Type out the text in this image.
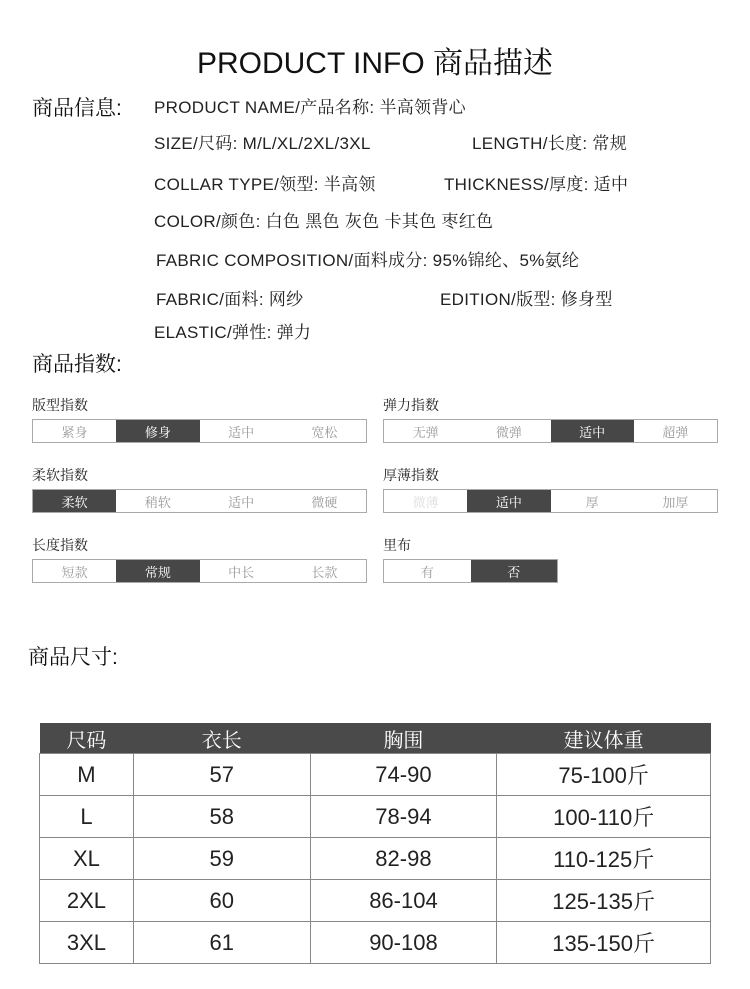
PRODUCT INFO 商品描述
商品信息: PRODUCT NAME/产品名称: 半高领背心
SIZE/尺码: M/L/XL/2XL/3XL	LENGTH/长度: 常规
COLLAR TYPE/领型: 半高领	THICKNESS/厚度: 适中
COLOR/颜色: 白色 黑色 灰色 卡其色 枣红色
FABRIC COMPOSITION/面料成分: 95%锦纶、5%氨纶
FABRIC/面料: 网纱	EDITION/版型: 修身型
ELASTIC/弹性: 弹力
商品指数:
版型指数
紧身	修身	适中	宽松
弹力指数
无弹	微弹	适中	超弹
柔软指数
柔软	稍软	适中	微硬
厚薄指数
微薄	适中	厚	加厚
长度指数
短款	常规	中长	长款
里布
有	否
商品尺寸:
尺码	衣长	胸围	建议体重
M	57	74-90	75-100斤
L	58	78-94	100-110斤
XL	59	82-98	110-125斤
2XL	60	86-104	125-135斤
3XL	61	90-108	135-150斤
